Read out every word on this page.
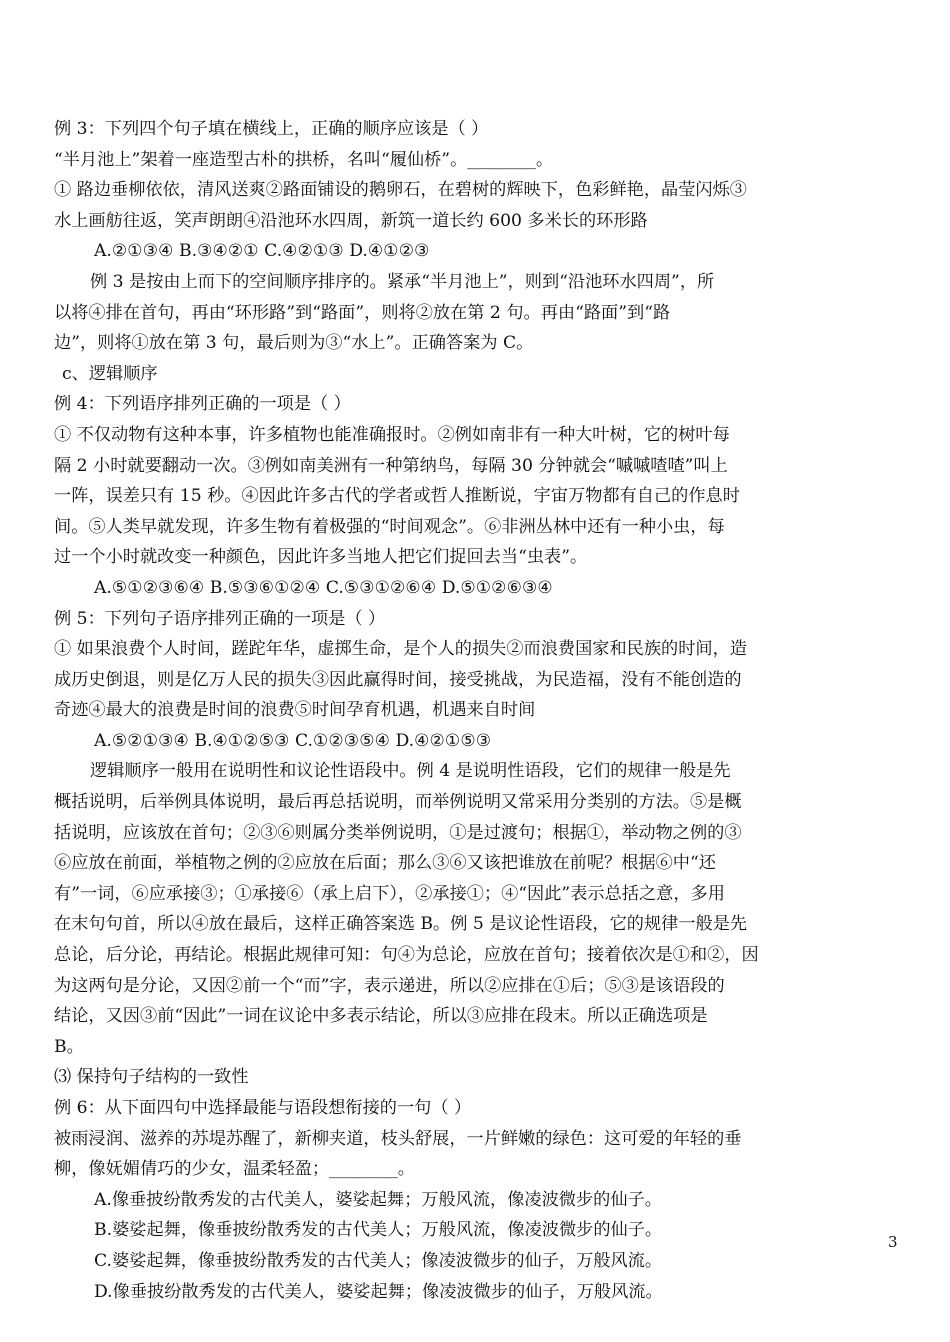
例 3：下列四个句子填在横线上，正确的顺序应该是（ ）
“半月池上”架着一座造型古朴的拱桥，名叫“履仙桥”。________。
① 路边垂柳依依，清风送爽②路面铺设的鹅卵石，在碧树的辉映下，色彩鲜艳，晶莹闪烁③
水上画舫往返，笑声朗朗④沿池环水四周，新筑一道长约 600 多米长的环形路
A.②①③④ B.③④②① C.④②①③ D.④①②③
例 3 是按由上而下的空间顺序排序的。紧承“半月池上”，则到“沿池环水四周”，所
以将④排在首句，再由“环形路”到“路面”，则将②放在第 2 句。再由“路面”到“路
边”，则将①放在第 3 句，最后则为③“水上”。正确答案为 C。
c、逻辑顺序
例 4：下列语序排列正确的一项是（ ）
① 不仅动物有这种本事，许多植物也能准确报时。②例如南非有一种大叶树，它的树叶每
隔 2 小时就要翻动一次。③例如南美洲有一种第纳鸟，每隔 30 分钟就会“嘁嘁喳喳”叫上
一阵，误差只有 15 秒。④因此许多古代的学者或哲人推断说，宇宙万物都有自己的作息时
间。⑤人类早就发现，许多生物有着极强的“时间观念”。⑥非洲丛林中还有一种小虫，每
过一个小时就改变一种颜色，因此许多当地人把它们捉回去当“虫表”。
A.⑤①②③⑥④ B.⑤③⑥①②④ C.⑤③①②⑥④ D.⑤①②⑥③④
例 5：下列句子语序排列正确的一项是（ ）
① 如果浪费个人时间，蹉跎年华，虚掷生命，是个人的损失②而浪费国家和民族的时间，造
成历史倒退，则是亿万人民的损失③因此赢得时间，接受挑战，为民造福，没有不能创造的
奇迹④最大的浪费是时间的浪费⑤时间孕育机遇，机遇来自时间
A.⑤②①③④ B.④①②⑤③ C.①②③⑤④ D.④②①⑤③
逻辑顺序一般用在说明性和议论性语段中。例 4 是说明性语段，它们的规律一般是先
概括说明，后举例具体说明，最后再总括说明，而举例说明又常采用分类别的方法。⑤是概
括说明，应该放在首句；②③⑥则属分类举例说明，①是过渡句；根据①，举动物之例的③
⑥应放在前面，举植物之例的②应放在后面；那么③⑥又该把谁放在前呢？根据⑥中“还
有”一词，⑥应承接③；①承接⑥（承上启下），②承接①；④“因此”表示总括之意，多用
在末句句首，所以④放在最后，这样正确答案选 B。例 5 是议论性语段，它的规律一般是先
总论，后分论，再结论。根据此规律可知：句④为总论，应放在首句；接着依次是①和②，因
为这两句是分论，又因②前一个“而”字，表示递进，所以②应排在①后；⑤③是该语段的
结论，又因③前“因此”一词在议论中多表示结论，所以③应排在段末。所以正确选项是
B。
⑶ 保持句子结构的一致性
例 6：从下面四句中选择最能与语段想衔接的一句（ ）
被雨浸润、滋养的苏堤苏醒了，新柳夹道，枝头舒展，一片鲜嫩的绿色：这可爱的年轻的垂
柳，像妩媚倩巧的少女，温柔轻盈；________。
A.像垂披纷散秀发的古代美人，婆娑起舞；万般风流，像凌波微步的仙子。
B.婆娑起舞，像垂披纷散秀发的古代美人；万般风流，像凌波微步的仙子。
C.婆娑起舞，像垂披纷散秀发的古代美人；像凌波微步的仙子，万般风流。
D.像垂披纷散秀发的古代美人，婆娑起舞；像凌波微步的仙子，万般风流。
3
